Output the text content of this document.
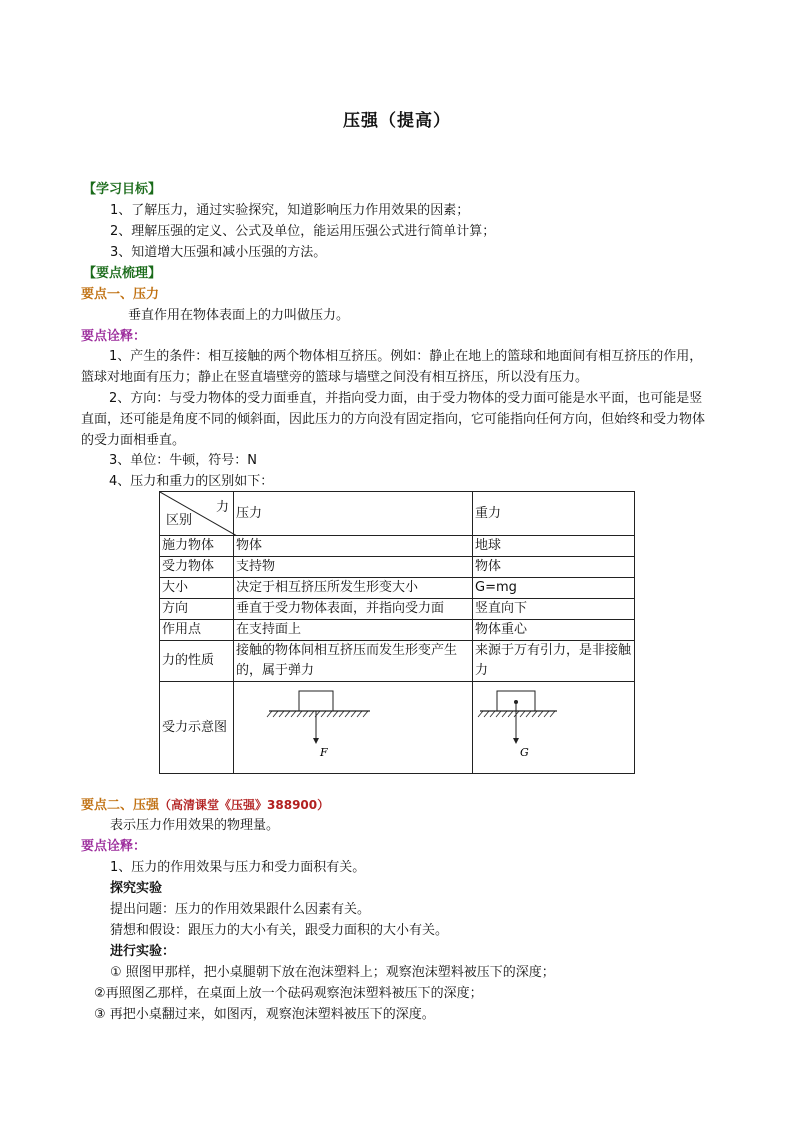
压强（提高）
【学习目标】
1、了解压力，通过实验探究，知道影响压力作用效果的因素；
2、理解压强的定义、公式及单位，能运用压强公式进行简单计算；
3、知道增大压强和减小压强的方法。
【要点梳理】
要点一、压力
垂直作用在物体表面上的力叫做压力。
要点诠释：
1、产生的条件：相互接触的两个物体相互挤压。例如：静止在地上的篮球和地面间有相互挤压的作用，篮球对地面有压力；静止在竖直墙壁旁的篮球与墙壁之间没有相互挤压，所以没有压力。
2、方向：与受力物体的受力面垂直，并指向受力面，由于受力物体的受力面可能是水平面，也可能是竖直面，还可能是角度不同的倾斜面，因此压力的方向没有固定指向，它可能指向任何方向，但始终和受力物体的受力面相垂直。
3、单位：牛顿，符号：N
4、压力和重力的区别如下：
力
区别	压力	重力
施力物体	物体	地球
受力物体	支持物	物体
大小	决定于相互挤压所发生形变大小	G=mg
方向	垂直于受力物体表面，并指向受力面	竖直向下
作用点	在支持面上	物体重心
力的性质	接触的物体间相互挤压而发生形变产生的，属于弹力	来源于万有引力，是非接触力
受力示意图	F	G
要点二、压强（高清课堂《压强》388900）
表示压力作用效果的物理量。
要点诠释：
1、压力的作用效果与压力和受力面积有关。
探究实验
提出问题：压力的作用效果跟什么因素有关。
猜想和假设：跟压力的大小有关，跟受力面积的大小有关。
进行实验：
① 照图甲那样，把小桌腿朝下放在泡沫塑料上；观察泡沫塑料被压下的深度；
②再照图乙那样，在桌面上放一个砝码观察泡沫塑料被压下的深度；
③ 再把小桌翻过来，如图丙，观察泡沫塑料被压下的深度。
